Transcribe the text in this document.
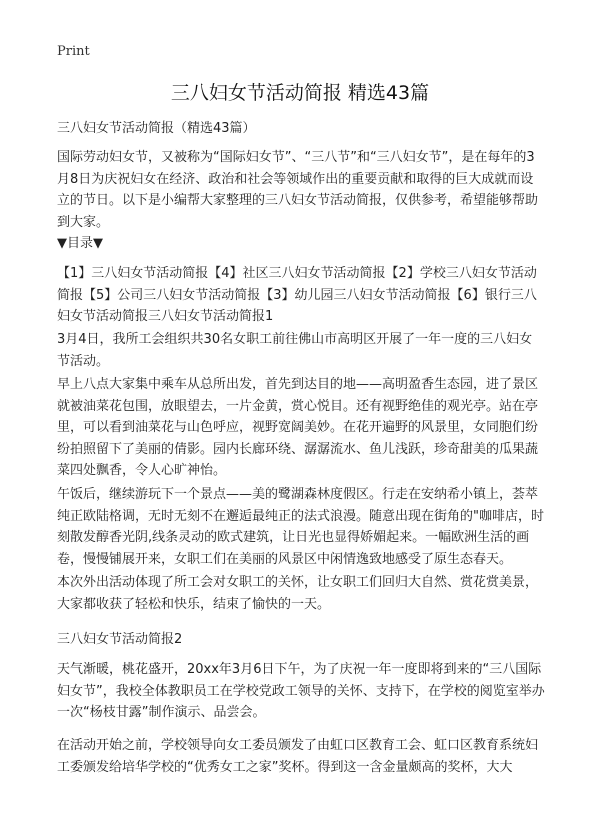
Print
三八妇女节活动简报 精选43篇

三八妇女节活动简报（精选43篇）

国际劳动妇女节，又被称为“国际妇女节”、“三八节”和“三八妇女节”，是在每年的3月8日为庆祝妇女在经济、政治和社会等领域作出的重要贡献和取得的巨大成就而设立的节日。以下是小编帮大家整理的三八妇女节活动简报，仅供参考，希望能够帮助到大家。

▼目录▼

【1】三八妇女节活动简报【4】社区三八妇女节活动简报【2】学校三八妇女节活动简报【5】公司三八妇女节活动简报【3】幼儿园三八妇女节活动简报【6】银行三八妇女节活动简报三八妇女节活动简报1

3月4日，我所工会组织共30名女职工前往佛山市高明区开展了一年一度的三八妇女节活动。

早上八点大家集中乘车从总所出发，首先到达目的地——高明盈香生态园，进了景区就被油菜花包围，放眼望去，一片金黄，赏心悦目。还有视野绝佳的观光亭。站在亭里，可以看到油菜花与山色呼应，视野宽阔美妙。在花开遍野的风景里，女同胞们纷纷拍照留下了美丽的倩影。园内长廊环绕、潺潺流水、鱼儿浅跃，珍奇甜美的瓜果蔬菜四处飘香，令人心旷神怡。

午饭后，继续游玩下一个景点——美的鹭湖森林度假区。行走在安纳希小镇上，荟萃纯正欧陆格调，无时无刻不在邂逅最纯正的法式浪漫。随意出现在街角的"咖啡店，时刻散发醇香光阴,线条灵动的欧式建筑，让日光也显得娇媚起来。一幅欧洲生活的画卷，慢慢铺展开来，女职工们在美丽的风景区中闲情逸致地感受了原生态春天。

本次外出活动体现了所工会对女职工的关怀，让女职工们回归大自然、赏花赏美景，大家都收获了轻松和快乐，结束了愉快的一天。

三八妇女节活动简报2

天气渐暖，桃花盛开，20xx年3月6日下午，为了庆祝一年一度即将到来的“三八国际妇女节”，我校全体教职员工在学校党政工领导的关怀、支持下，在学校的阅览室举办一次“杨枝甘露”制作演示、品尝会。

在活动开始之前，学校领导向女工委员颁发了由虹口区教育工会、虹口区教育系统妇工委颁发给培华学校的“优秀女工之家”奖杯。得到这一含金量颇高的奖杯，大大
